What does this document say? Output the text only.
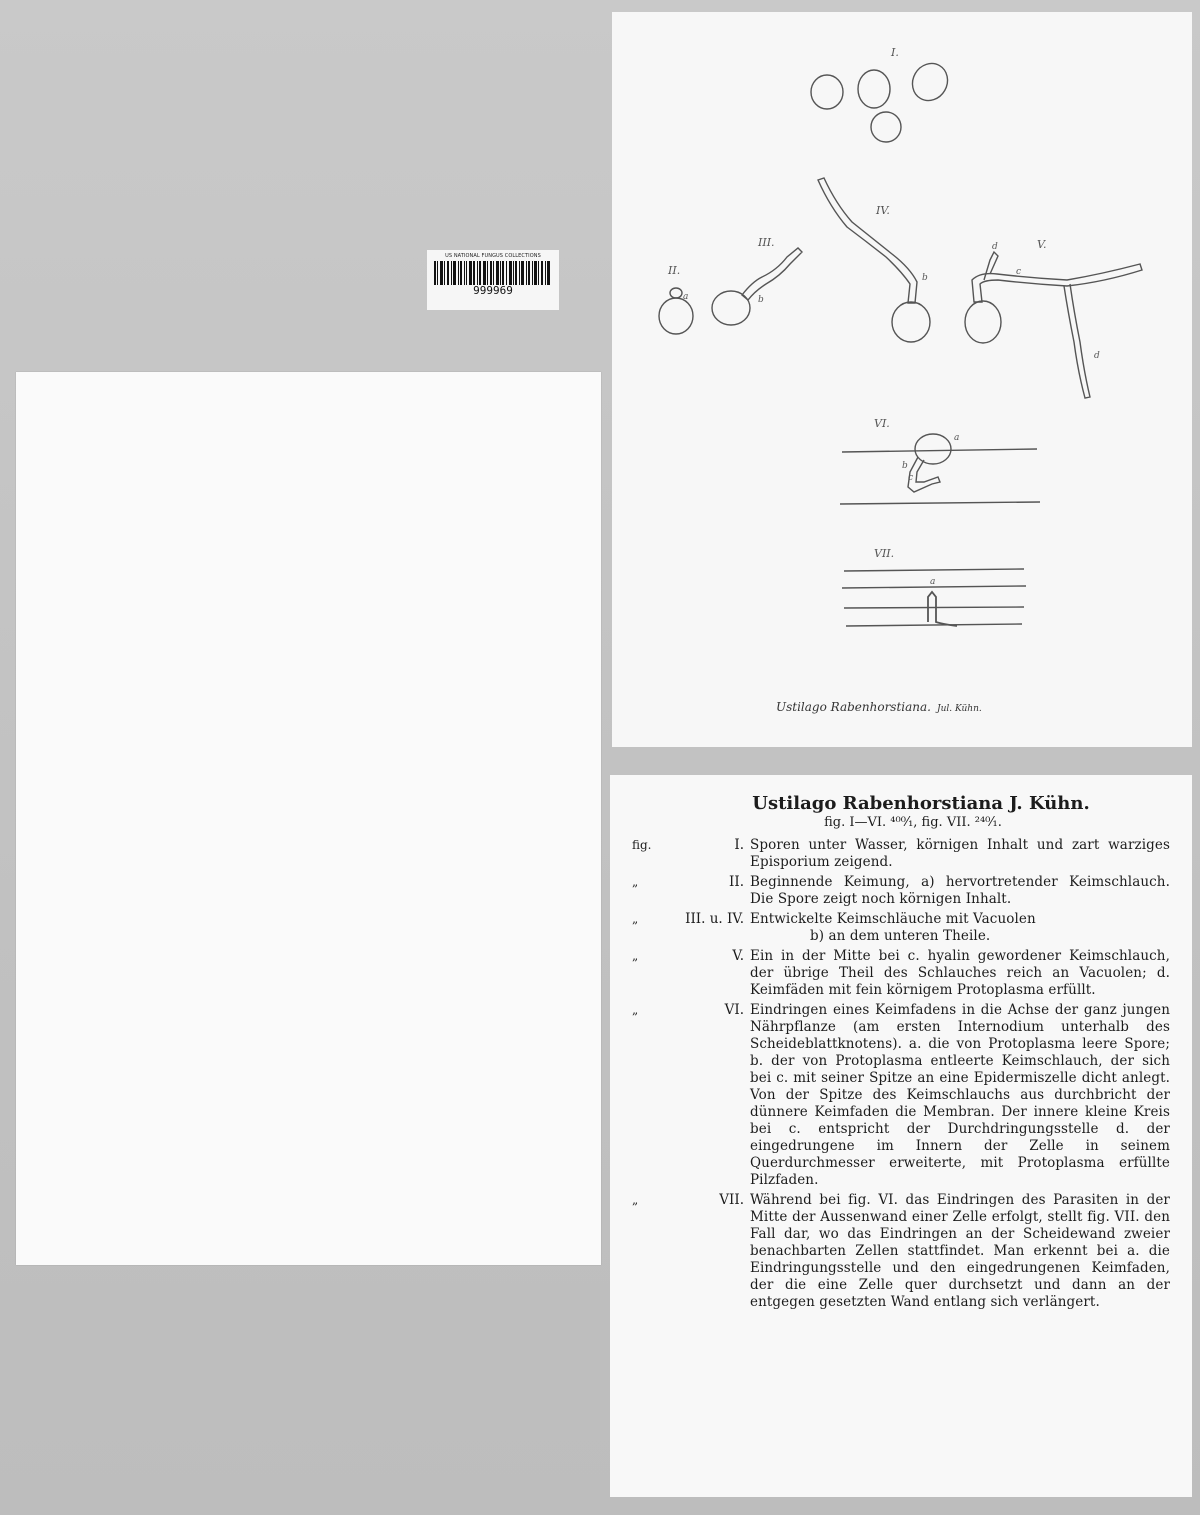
US NATIONAL FUNGUS COLLECTIONS
999969
I.
II.
III.
IV.
V.
VI.
VII.
a	b
b
d
c
d
a
b
c
a
Ustilago Rabenhorstiana. Jul. Kühn.
Ustilago Rabenhorstiana J. Kühn.

fig. I—VI. ⁴⁰⁰⁄₁, fig. VII. ²⁴⁰⁄₁.

fig.	I. Sporen unter Wasser, körnigen Inhalt und zart warziges Episporium zeigend.
„	II. Beginnende Keimung, a) hervortretender Keimschlauch. Die Spore zeigt noch körnigen Inhalt.
„	III. u. IV. Entwickelte Keimschläuche mit Vacuolen
b) an dem unteren Theile.
„	V. Ein in der Mitte bei c. hyalin gewordener Keimschlauch, der übrige Theil des Schlauches reich an Vacuolen; d. Keimfäden mit fein körnigem Protoplasma erfüllt.
„	VI. Eindringen eines Keimfadens in die Achse der ganz jungen Nährpflanze (am ersten Internodium unterhalb des Scheideblattknotens). a. die von Protoplasma leere Spore; b. der von Protoplasma entleerte Keimschlauch, der sich bei c. mit seiner Spitze an eine Epidermiszelle dicht anlegt. Von der Spitze des Keimschlauchs aus durchbricht der dünnere Keimfaden die Membran. Der innere kleine Kreis bei c. entspricht der Durchdringungsstelle d. der eingedrungene im Innern der Zelle in seinem Querdurchmesser erweiterte, mit Protoplasma erfüllte Pilzfaden.
„	VII. Während bei fig. VI. das Eindringen des Parasiten in der Mitte der Aussenwand einer Zelle erfolgt, stellt fig. VII. den Fall dar, wo das Eindringen an der Scheidewand zweier benachbarten Zellen stattfindet. Man erkennt bei a. die Eindringungsstelle und den eingedrungenen Keimfaden, der die eine Zelle quer durchsetzt und dann an der entgegen gesetzten Wand entlang sich verlängert.
